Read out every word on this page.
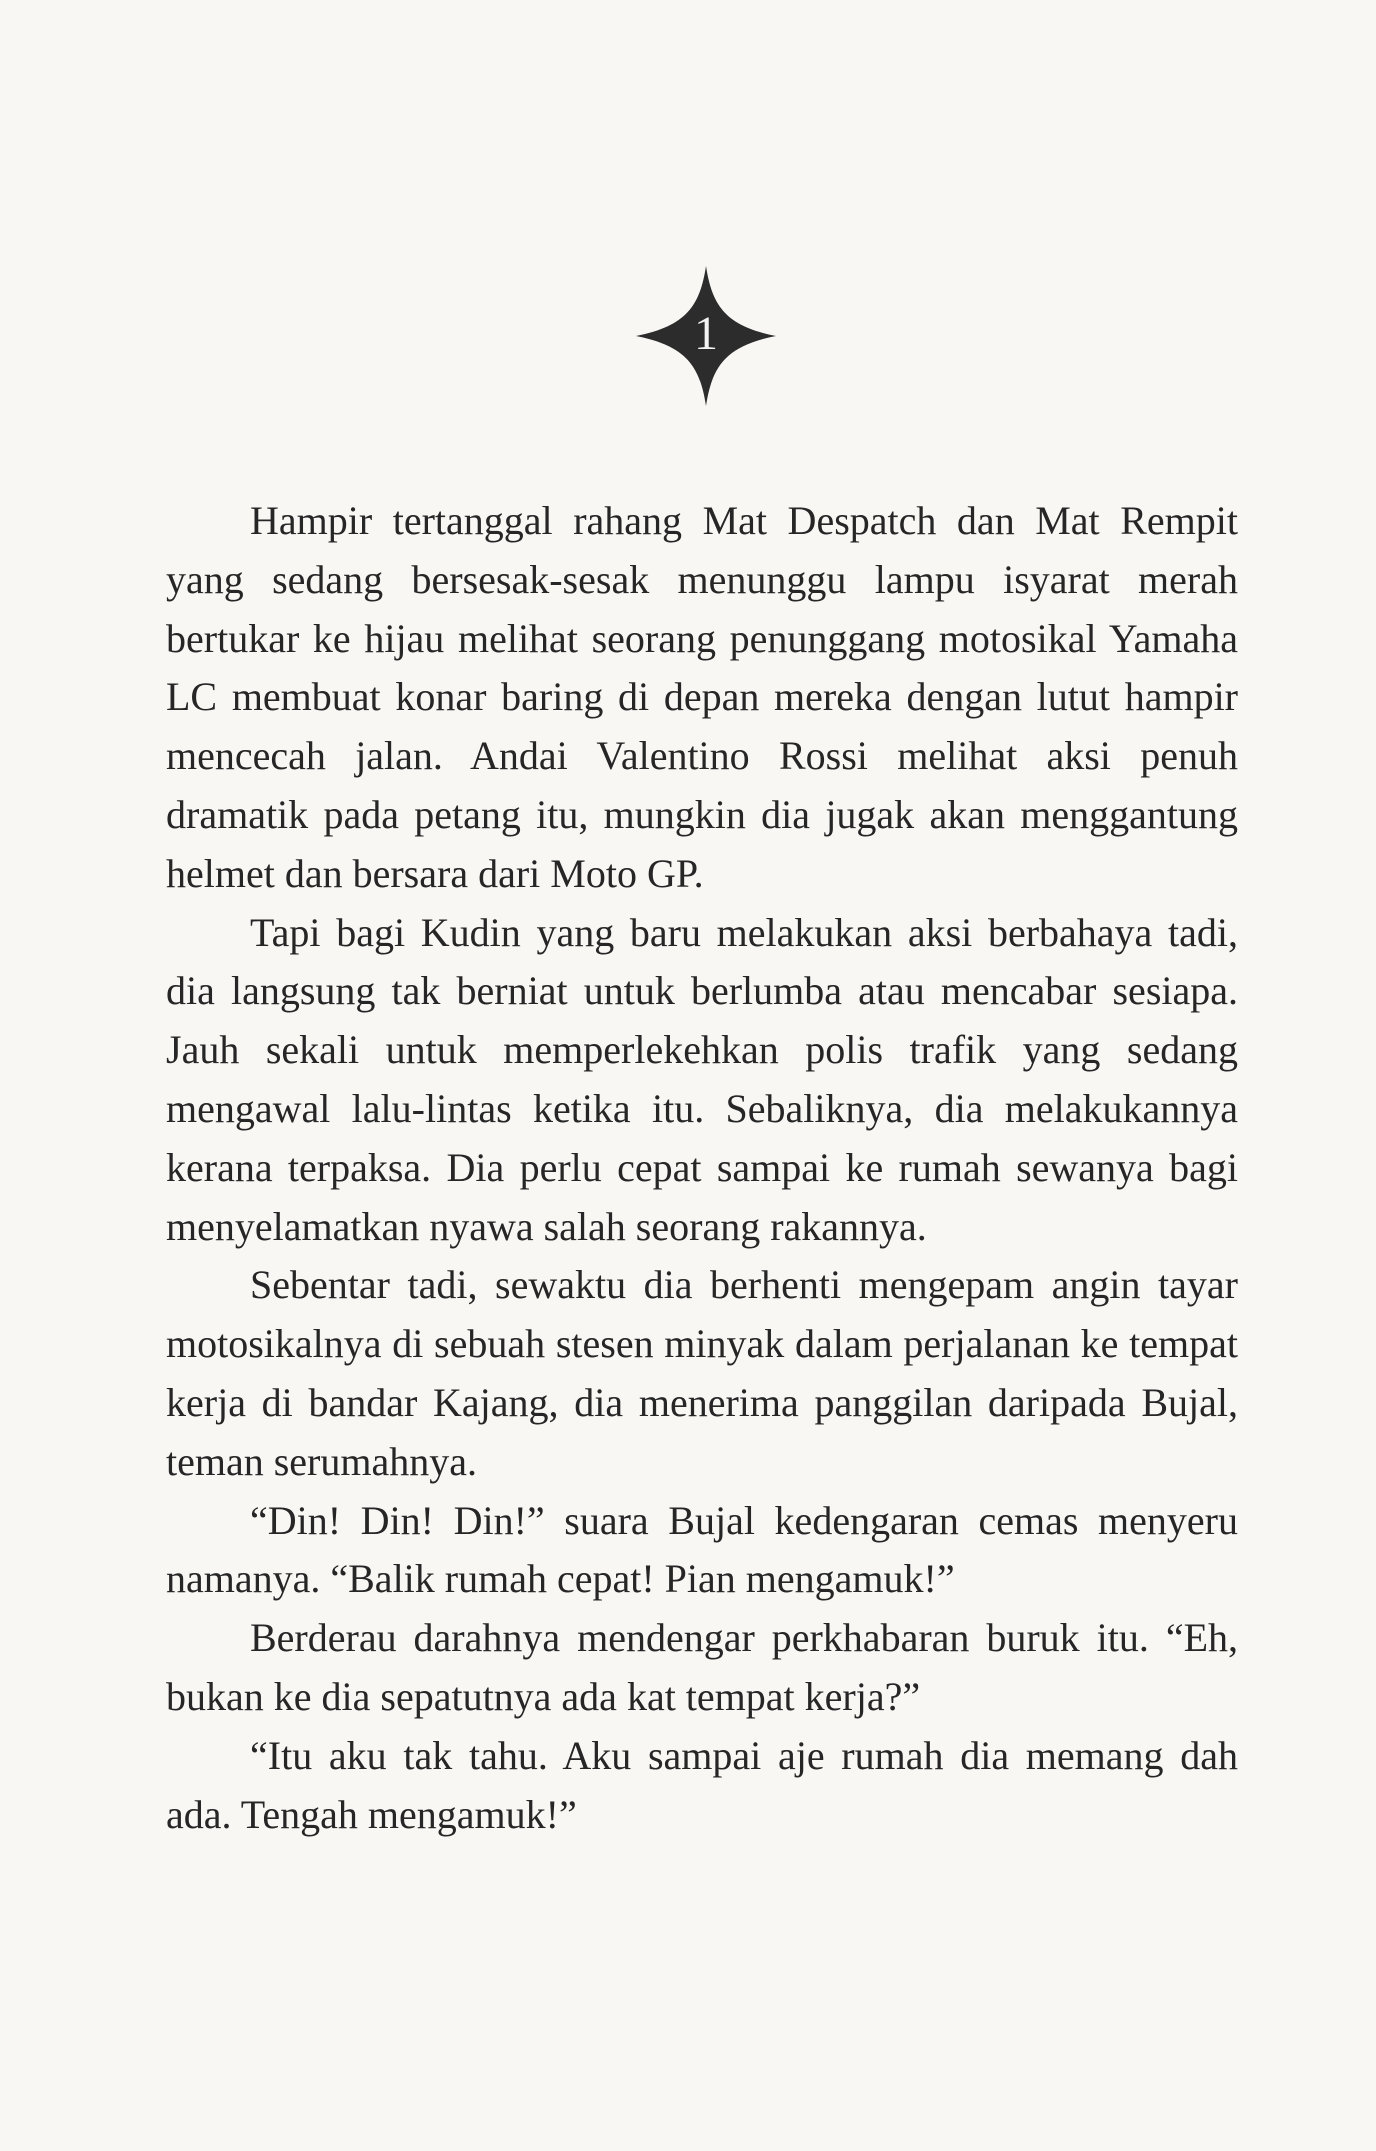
1

Hampir tertanggal rahang Mat Despatch dan Mat Rempit yang sedang bersesak-sesak menunggu lampu isyarat merah bertukar ke hijau melihat seorang penunggang motosikal Yamaha LC membuat konar baring di depan mereka dengan lutut hampir mencecah jalan. Andai Valentino Rossi melihat aksi penuh dramatik pada petang itu, mungkin dia jugak akan menggantung helmet dan bersara dari Moto GP.

Tapi bagi Kudin yang baru melakukan aksi berbahaya tadi, dia langsung tak berniat untuk berlumba atau mencabar sesiapa. Jauh sekali untuk memperlekehkan polis trafik yang sedang mengawal lalu-lintas ketika itu. Sebaliknya, dia melakukannya kerana terpaksa. Dia perlu cepat sampai ke rumah sewanya bagi menyelamatkan nyawa salah seorang rakannya.

Sebentar tadi, sewaktu dia berhenti mengepam angin tayar motosikalnya di sebuah stesen minyak dalam perjalanan ke tempat kerja di bandar Kajang, dia menerima panggilan daripada Bujal, teman serumahnya.

“Din! Din! Din!” suara Bujal kedengaran cemas menyeru namanya. “Balik rumah cepat! Pian mengamuk!”

Berderau darahnya mendengar perkhabaran buruk itu. “Eh, bukan ke dia sepatutnya ada kat tempat kerja?”

“Itu aku tak tahu. Aku sampai aje rumah dia memang dah ada. Tengah mengamuk!”
